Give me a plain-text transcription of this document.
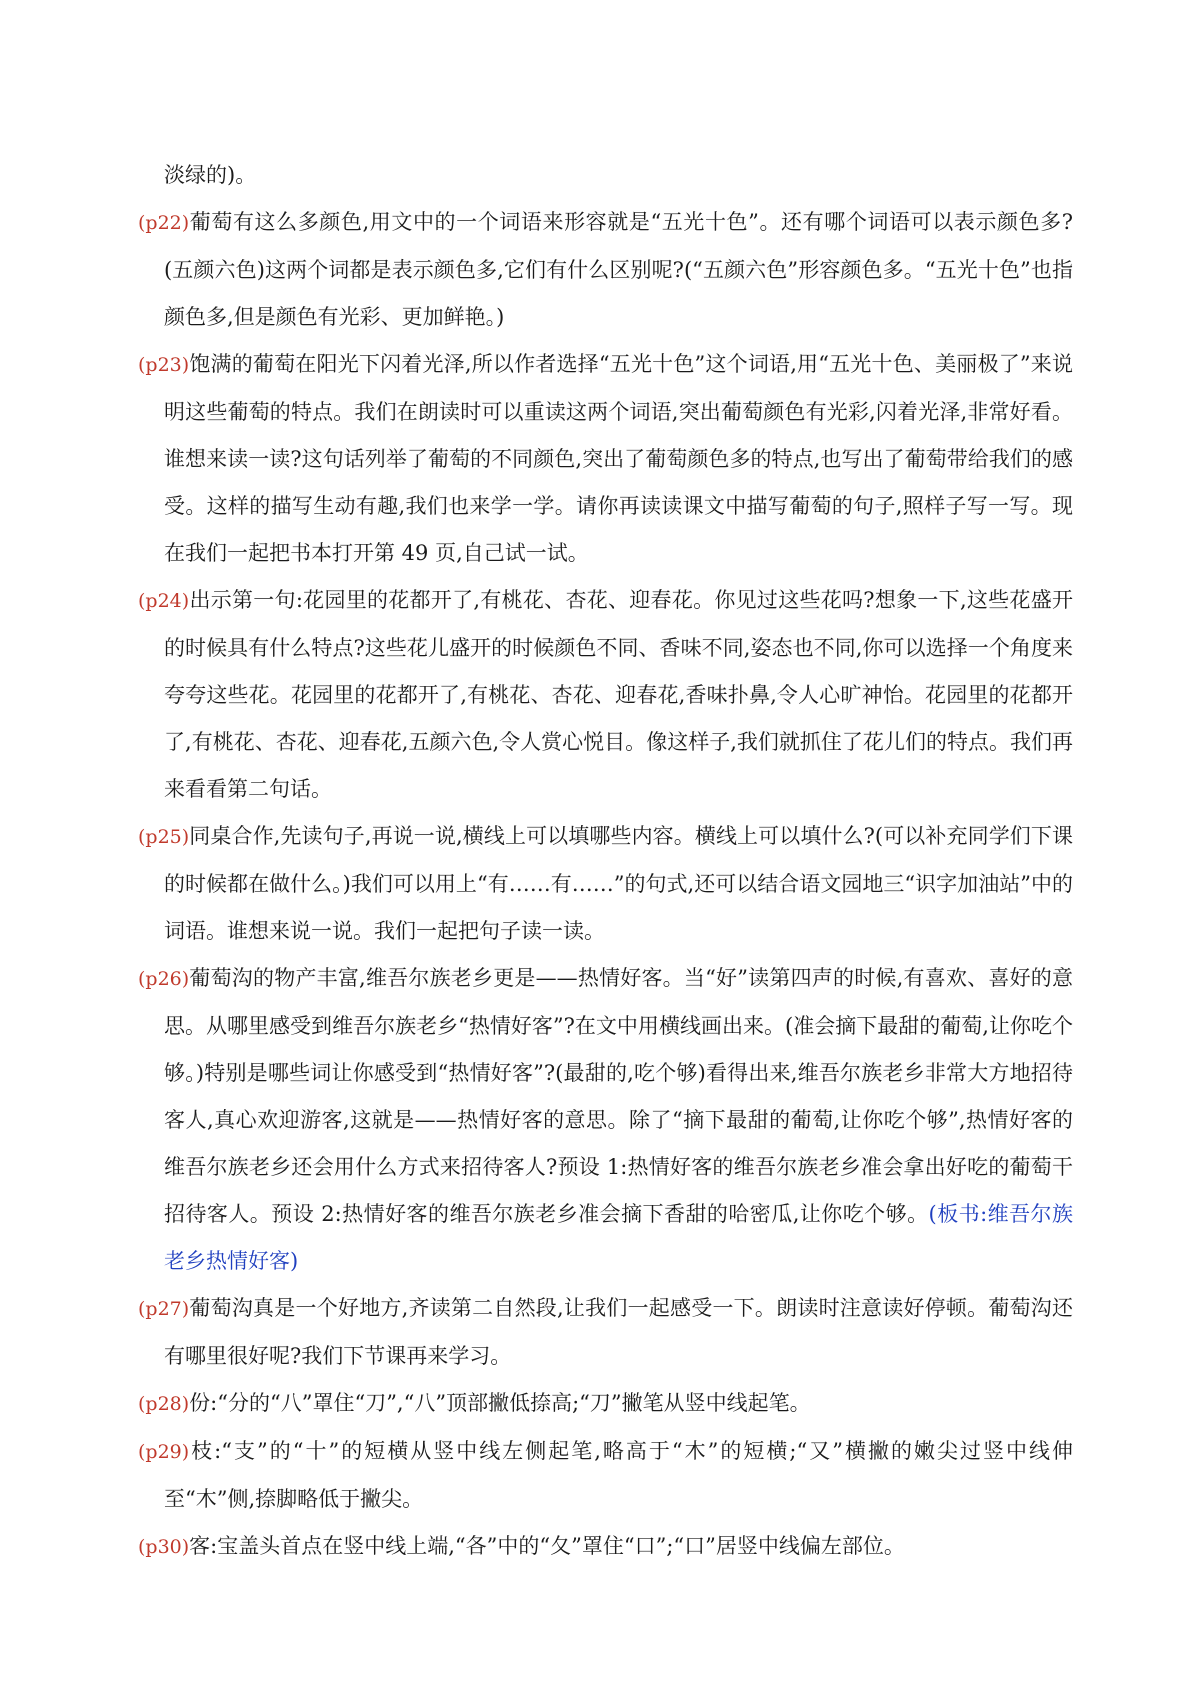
淡绿的)。

(p22)葡萄有这么多颜色,用文中的一个词语来形容就是“五光十色”。还有哪个词语可以表示颜色多?(五颜六色)这两个词都是表示颜色多,它们有什么区别呢?(“五颜六色”形容颜色多。“五光十色”也指颜色多,但是颜色有光彩、更加鲜艳。)

(p23)饱满的葡萄在阳光下闪着光泽,所以作者选择“五光十色”这个词语,用“五光十色、美丽极了”来说明这些葡萄的特点。我们在朗读时可以重读这两个词语,突出葡萄颜色有光彩,闪着光泽,非常好看。谁想来读一读?这句话列举了葡萄的不同颜色,突出了葡萄颜色多的特点,也写出了葡萄带给我们的感受。这样的描写生动有趣,我们也来学一学。请你再读读课文中描写葡萄的句子,照样子写一写。现在我们一起把书本打开第 49 页,自己试一试。

(p24)出示第一句:花园里的花都开了,有桃花、杏花、迎春花。你见过这些花吗?想象一下,这些花盛开的时候具有什么特点?这些花儿盛开的时候颜色不同、香味不同,姿态也不同,你可以选择一个角度来夸夸这些花。花园里的花都开了,有桃花、杏花、迎春花,香味扑鼻,令人心旷神怡。花园里的花都开了,有桃花、杏花、迎春花,五颜六色,令人赏心悦目。像这样子,我们就抓住了花儿们的特点。我们再来看看第二句话。

(p25)同桌合作,先读句子,再说一说,横线上可以填哪些内容。横线上可以填什么?(可以补充同学们下课的时候都在做什么。)我们可以用上“有……有……”的句式,还可以结合语文园地三“识字加油站”中的词语。谁想来说一说。我们一起把句子读一读。

(p26)葡萄沟的物产丰富,维吾尔族老乡更是——热情好客。当“好”读第四声的时候,有喜欢、喜好的意思。从哪里感受到维吾尔族老乡“热情好客”?在文中用横线画出来。(准会摘下最甜的葡萄,让你吃个够。)特别是哪些词让你感受到“热情好客”?(最甜的,吃个够)看得出来,维吾尔族老乡非常大方地招待客人,真心欢迎游客,这就是——热情好客的意思。除了“摘下最甜的葡萄,让你吃个够”,热情好客的维吾尔族老乡还会用什么方式来招待客人?预设 1:热情好客的维吾尔族老乡准会拿出好吃的葡萄干招待客人。预设 2:热情好客的维吾尔族老乡准会摘下香甜的哈密瓜,让你吃个够。(板书:维吾尔族老乡热情好客)

(p27)葡萄沟真是一个好地方,齐读第二自然段,让我们一起感受一下。朗读时注意读好停顿。葡萄沟还有哪里很好呢?我们下节课再来学习。

(p28)份:“分的“八”罩住“刀”,“八”顶部撇低捺高;“刀”撇笔从竖中线起笔。

(p29)枝:“支”的“十”的短横从竖中线左侧起笔,略高于“木”的短横;“又”横撇的嫩尖过竖中线伸至“木”侧,捺脚略低于撇尖。

(p30)客:宝盖头首点在竖中线上端,“各”中的“夂”罩住“口”;“口”居竖中线偏左部位。
